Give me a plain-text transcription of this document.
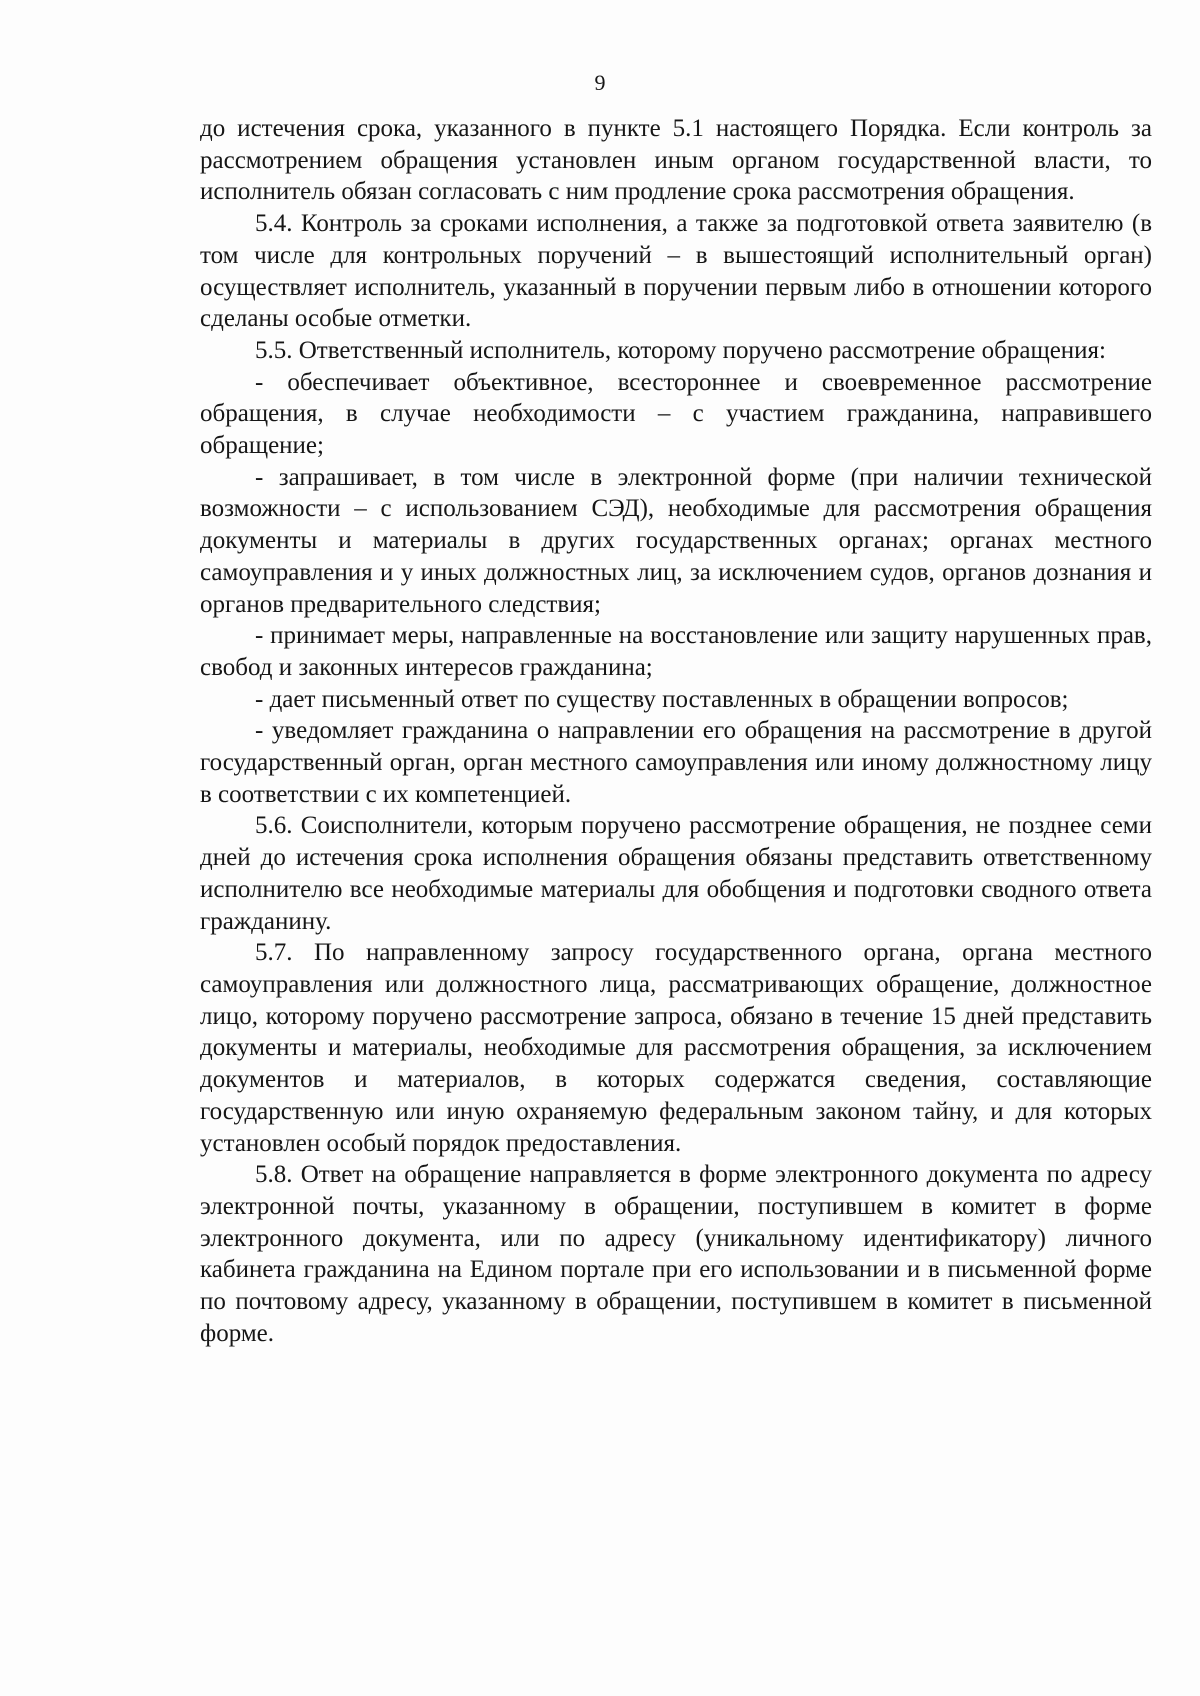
9

до истечения срока, указанного в пункте 5.1 настоящего Порядка. Если контроль за рассмотрением обращения установлен иным органом государственной власти, то исполнитель обязан согласовать с ним продление срока рассмотрения обращения.

5.4. Контроль за сроками исполнения, а также за подготовкой ответа заявителю (в том числе для контрольных поручений – в вышестоящий исполнительный орган) осуществляет исполнитель, указанный в поручении первым либо в отношении которого сделаны особые отметки.

5.5. Ответственный исполнитель, которому поручено рассмотрение обращения:

- обеспечивает объективное, всестороннее и своевременное рассмотрение обращения, в случае необходимости – с участием гражданина, направившего обращение;

- запрашивает, в том числе в электронной форме (при наличии технической возможности – с использованием СЭД), необходимые для рассмотрения обращения документы и материалы в других государственных органах; органах местного самоуправления и у иных должностных лиц, за исключением судов, органов дознания и органов предварительного следствия;

- принимает меры, направленные на восстановление или защиту нарушенных прав, свобод и законных интересов гражданина;

- дает письменный ответ по существу поставленных в обращении вопросов;

- уведомляет гражданина о направлении его обращения на рассмотрение в другой государственный орган, орган местного самоуправления или иному должностному лицу в соответствии с их компетенцией.

5.6. Соисполнители, которым поручено рассмотрение обращения, не позднее семи дней до истечения срока исполнения обращения обязаны представить ответственному исполнителю все необходимые материалы для обобщения и подготовки сводного ответа гражданину.

5.7. По направленному запросу государственного органа, органа местного самоуправления или должностного лица, рассматривающих обращение, должностное лицо, которому поручено рассмотрение запроса, обязано в течение 15 дней представить документы и материалы, необходимые для рассмотрения обращения, за исключением документов и материалов, в которых содержатся сведения, составляющие государственную или иную охраняемую федеральным законом тайну, и для которых установлен особый порядок предоставления.

5.8. Ответ на обращение направляется в форме электронного документа по адресу электронной почты, указанному в обращении, поступившем в комитет в форме электронного документа, или по адресу (уникальному идентификатору) личного кабинета гражданина на Едином портале при его использовании и в письменной форме по почтовому адресу, указанному в обращении, поступившем в комитет в письменной форме.
